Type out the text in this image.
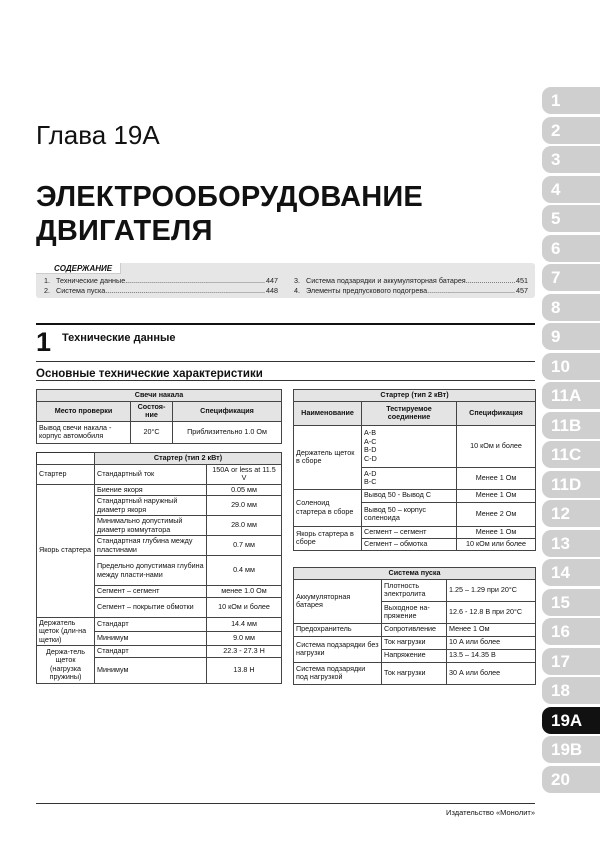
Глава 19А
ЭЛЕКТРООБОРУДОВАНИЕ
ДВИГАТЕЛЯ
СОДЕРЖАНИЕ
1. Технические данные .....	447
2. Система пуска .....	448
3. Система подзарядки и аккумуляторная батарея .....	451
4. Элементы предпускового подогрева .....	457
1 Технические данные
Основные технические характеристики
Свечи накала		
Место проверки	Состоя-ние	Спецификация
Вывод свечи накала - корпус автомобиля	20°С	Приблизительно 1.0 Ом
	Стартер (тип 2 кВт)	
Стартер	Стандартный ток	150А or less at 11.5 V
Якорь стартера	Биение якоря	0.05 мм
	Стандартный наружный диаметр якоря	29.0 мм
	Минимально допустимый диаметр коммутатора	28.0 мм
	Стандартная глубина между пластинами	0.7 мм
	Предельно допустимая глубина между пласти-нами	0.4 мм
	Сегмент – сегмент	менее 1.0 Ом
	Сегмент – покрытие обмотки	10 кОм и более
Держатель щеток (дли-на щетки)	Стандарт	14.4 мм
	Минимум	9.0 мм
Держа-тель щеток (нагрузка пружины)	Стандарт	22.3 - 27.3 Н
	Минимум	13.8 Н
Стартер (тип 2 кВт)		
Наименование	Тестируемое соединение	Спецификация
Держатель щеток в сборе	А-В
А-С
В-D
C-D	10 кОм и более
	А-D
В-С	Менее 1 Ом
Соленоид стартера в сборе	Вывод 50 - Вывод С	Менее 1 Ом
	Вывод 50 – корпус соленоида	Менее 2 Ом
Якорь стартера в сборе	Сегмент – сегмент	Менее 1 Ом
	Сегмент – обмотка	10 кОм или более
Система пуска		
Аккумуляторная батарея	Плотность электролита	1.25 – 1.29 при 20°С
	Выходное на-пряжение	12.6 - 12.8 В при 20°С
Предохранитель	Сопротивление	Менее 1 Ом
Система подзарядки без нагрузки	Ток нагрузки	10 А или более
	Напряжение	13.5 – 14.35 В
Система подзарядки под нагрузкой	Ток нагрузки	30 А или более
1
2
3
4
5
6
7
8
9
10
11A
11B
11C
11D
12
13
14
15
16
17
18
19A
19B
20
Издательство «Монолит»
